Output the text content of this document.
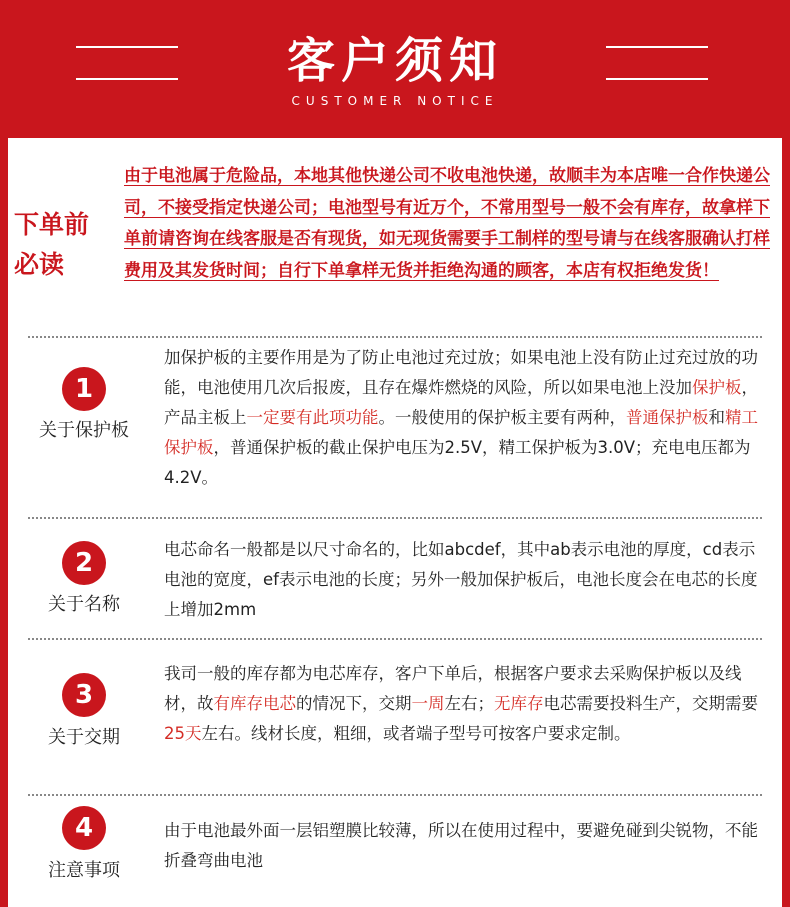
客户须知
CUSTOMER NOTICE
下单前
必读
由于电池属于危险品，本地其他快递公司不收电池快递，故顺丰为本店唯一合作快递公司，不接受指定快递公司；电池型号有近万个，不常用型号一般不会有库存，故拿样下单前请咨询在线客服是否有现货，如无现货需要手工制样的型号请与在线客服确认打样费用及其发货时间；自行下单拿样无货并拒绝沟通的顾客，本店有权拒绝发货！
1
关于保护板
加保护板的主要作用是为了防止电池过充过放；如果电池上没有防止过充过放的功能，电池使用几次后报废，且存在爆炸燃烧的风险，所以如果电池上没加保护板，产品主板上一定要有此项功能。一般使用的保护板主要有两种，普通保护板和精工保护板，普通保护板的截止保护电压为2.5V，精工保护板为3.0V；充电电压都为4.2V。
2
关于名称
电芯命名一般都是以尺寸命名的，比如abcdef，其中ab表示电池的厚度，cd表示电池的宽度，ef表示电池的长度；另外一般加保护板后，电池长度会在电芯的长度上增加2mm
3
关于交期
我司一般的库存都为电芯库存，客户下单后，根据客户要求去采购保护板以及线材，故有库存电芯的情况下，交期一周左右；无库存电芯需要投料生产，交期需要25天左右。线材长度，粗细，或者端子型号可按客户要求定制。
4
注意事项
由于电池最外面一层铝塑膜比较薄，所以在使用过程中，要避免碰到尖锐物，不能折叠弯曲电池
